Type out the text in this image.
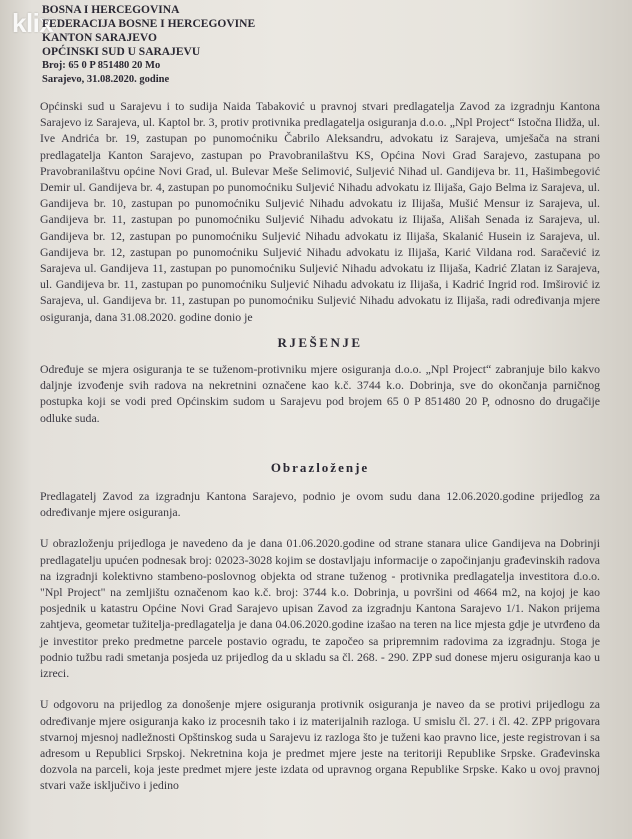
klix
BOSNA I HERCEGOVINA
FEDERACIJA BOSNE I HERCEGOVINE
KANTON SARAJEVO
OPĆINSKI SUD U SARAJEVU
Broj: 65 0 P 851480 20 Mo
Sarajevo, 31.08.2020. godine

Općinski sud u Sarajevu i to sudija Naida Tabaković u pravnoj stvari predlagatelja Zavod za izgradnju Kantona Sarajevo iz Sarajeva, ul. Kaptol br. 3, protiv protivnika predlagatelja osiguranja d.o.o. „Npl Project“ Istočna Ilidža, ul. Ive Andrića br. 19, zastupan po punomoćniku Čabrilo Aleksandru, advokatu iz Sarajeva, umješača na strani predlagatelja Kanton Sarajevo, zastupan po Pravobranilaštvu KS, Općina Novi Grad Sarajevo, zastupana po Pravobranilaštvu općine Novi Grad, ul. Bulevar Meše Selimović, Suljević Nihad ul. Gandijeva br. 11, Hašimbegović Demir ul. Gandijeva br. 4, zastupan po punomoćniku Suljević Nihadu advokatu iz Ilijaša, Gajo Belma iz Sarajeva, ul. Gandijeva br. 10, zastupan po punomoćniku Suljević Nihadu advokatu iz Ilijaša, Mušić Mensur iz Sarajeva, ul. Gandijeva br. 11, zastupan po punomoćniku Suljević Nihadu advokatu iz Ilijaša, Ališah Senada iz Sarajeva, ul. Gandijeva br. 12, zastupan po punomoćniku Suljević Nihadu advokatu iz Ilijaša, Skalanić Husein iz Sarajeva, ul. Gandijeva br. 12, zastupan po punomoćniku Suljević Nihadu advokatu iz Ilijaša, Karić Vildana rod. Saračević iz Sarajeva ul. Gandijeva 11, zastupan po punomoćniku Suljević Nihadu advokatu iz Ilijaša, Kadrić Zlatan iz Sarajeva, ul. Gandijeva br. 11, zastupan po punomoćniku Suljević Nihadu advokatu iz Ilijaša, i Kadrić Ingrid rod. Imširović iz Sarajeva, ul. Gandijeva br. 11, zastupan po punomoćniku Suljević Nihadu advokatu iz Ilijaša, radi određivanja mjere osiguranja, dana 31.08.2020. godine donio je

RJEŠENJE

Određuje se mjera osiguranja te se tuženom-protivniku mjere osiguranja d.o.o. „Npl Project“ zabranjuje bilo kakvo daljnje izvođenje svih radova na nekretnini označene kao k.č. 3744 k.o. Dobrinja, sve do okončanja parničnog postupka koji se vodi pred Općinskim sudom u Sarajevu pod brojem 65 0 P 851480 20 P, odnosno do drugačije odluke suda.

Obrazloženje

Predlagatelj Zavod za izgradnju Kantona Sarajevo, podnio je ovom sudu dana 12.06.2020.godine prijedlog za određivanje mjere osiguranja.

U obrazloženju prijedloga je navedeno da je dana 01.06.2020.godine od strane stanara ulice Gandijeva na Dobrinji predlagatelju upućen podnesak broj: 02023-3028 kojim se dostavljaju informacije o započinjanju građevinskih radova na izgradnji kolektivno stambeno-poslovnog objekta od strane tuženog - protivnika predlagatelja investitora d.o.o. "Npl Project" na zemljištu označenom kao k.č. broj: 3744 k.o. Dobrinja, u površini od 4664 m2, na kojoj je kao posjednik u katastru Općine Novi Grad Sarajevo upisan Zavod za izgradnju Kantona Sarajevo 1/1. Nakon prijema zahtjeva, geometar tužitelja-predlagatelja je dana 04.06.2020.godine izašao na teren na lice mjesta gdje je utvrđeno da je investitor preko predmetne parcele postavio ogradu, te započeo sa pripremnim radovima za izgradnju. Stoga je podnio tužbu radi smetanja posjeda uz prijedlog da u skladu sa čl. 268. - 290. ZPP sud donese mjeru osiguranja kao u izreci.

U odgovoru na prijedlog za donošenje mjere osiguranja protivnik osiguranja je naveo da se protivi prijedlogu za određivanje mjere osiguranja kako iz procesnih tako i iz materijalnih razloga. U smislu čl. 27. i čl. 42. ZPP prigovara stvarnoj mjesnoj nadležnosti Opštinskog suda u Sarajevu iz razloga što je tuženi kao pravno lice, jeste registrovan i sa adresom u Republici Srpskoj. Nekretnina koja je predmet mjere jeste na teritoriji Republike Srpske. Građevinska dozvola na parceli, koja jeste predmet mjere jeste izdata od upravnog organa Republike Srpske. Kako u ovoj pravnoj stvari važe isključivo i jedino
